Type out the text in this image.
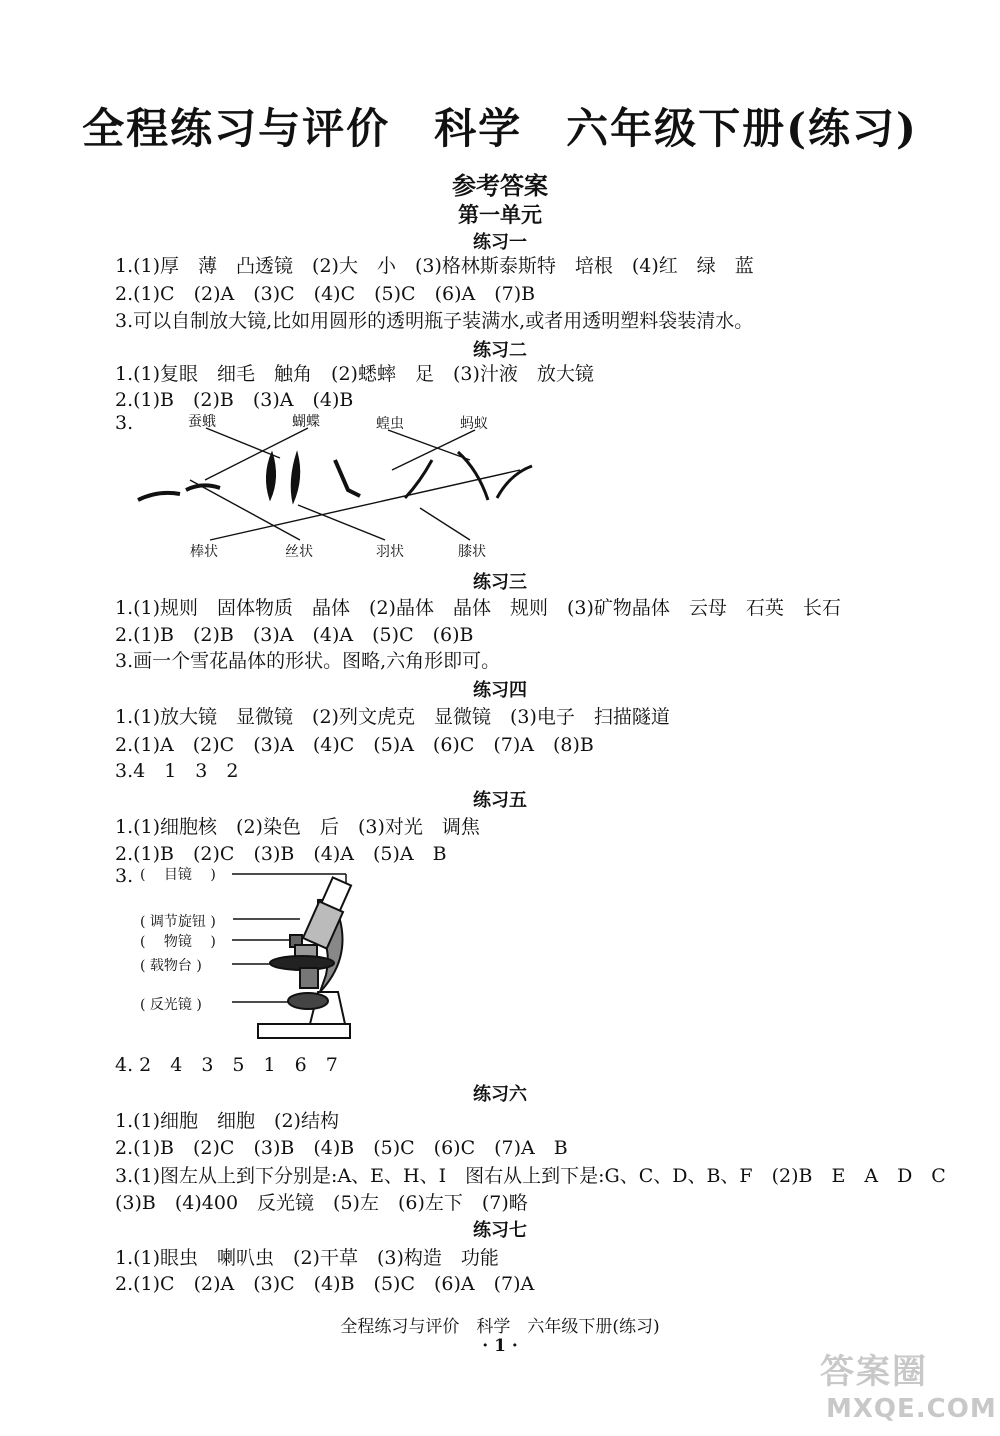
全程练习与评价　科学　六年级下册(练习)
参考答案
第一单元
练习一
1.(1)厚　薄　凸透镜　(2)大　小　(3)格林斯泰斯特　培根　(4)红　绿　蓝
2.(1)C　(2)A　(3)C　(4)C　(5)C　(6)A　(7)B
3.可以自制放大镜,比如用圆形的透明瓶子装满水,或者用透明塑料袋装清水。
练习二
1.(1)复眼　细毛　触角　(2)蟋蟀　足　(3)汁液　放大镜
2.(1)B　(2)B　(3)A　(4)B
3.	蚕蛾	蝴蝶	蝗虫	蚂蚁
棒状	丝状	羽状	膝状
练习三
1.(1)规则　固体物质　晶体　(2)晶体　晶体　规则　(3)矿物晶体　云母　石英　长石
2.(1)B　(2)B　(3)A　(4)A　(5)C　(6)B
3.画一个雪花晶体的形状。图略,六角形即可。
练习四
1.(1)放大镜　显微镜　(2)列文虎克　显微镜　(3)电子　扫描隧道
2.(1)A　(2)C　(3)A　(4)C　(5)A　(6)C　(7)A　(8)B
3.4　1　3　2
练习五
1.(1)细胞核　(2)染色　后　(3)对光　调焦
2.(1)B　(2)C　(3)B　(4)A　(5)A　B
3. ( 　目镜　 )
( 调节旋钮 )
( 　物镜　 )
( 载物台 )
( 反光镜 )
4. 2　4　3　5　1　6　7
练习六
1.(1)细胞　细胞　(2)结构
2.(1)B　(2)C　(3)B　(4)B　(5)C　(6)C　(7)A　B
3.(1)图左从上到下分别是:A、E、H、I　图右从上到下是:G、C、D、B、F　(2)B　E　A　D　C
(3)B　(4)400　反光镜　(5)左　(6)左下　(7)略
练习七
1.(1)眼虫　喇叭虫　(2)干草　(3)构造　功能
2.(1)C　(2)A　(3)C　(4)B　(5)C　(6)A　(7)A
全程练习与评价　科学　六年级下册(练习)
· 1 ·
答案圈
MXQE.COM
